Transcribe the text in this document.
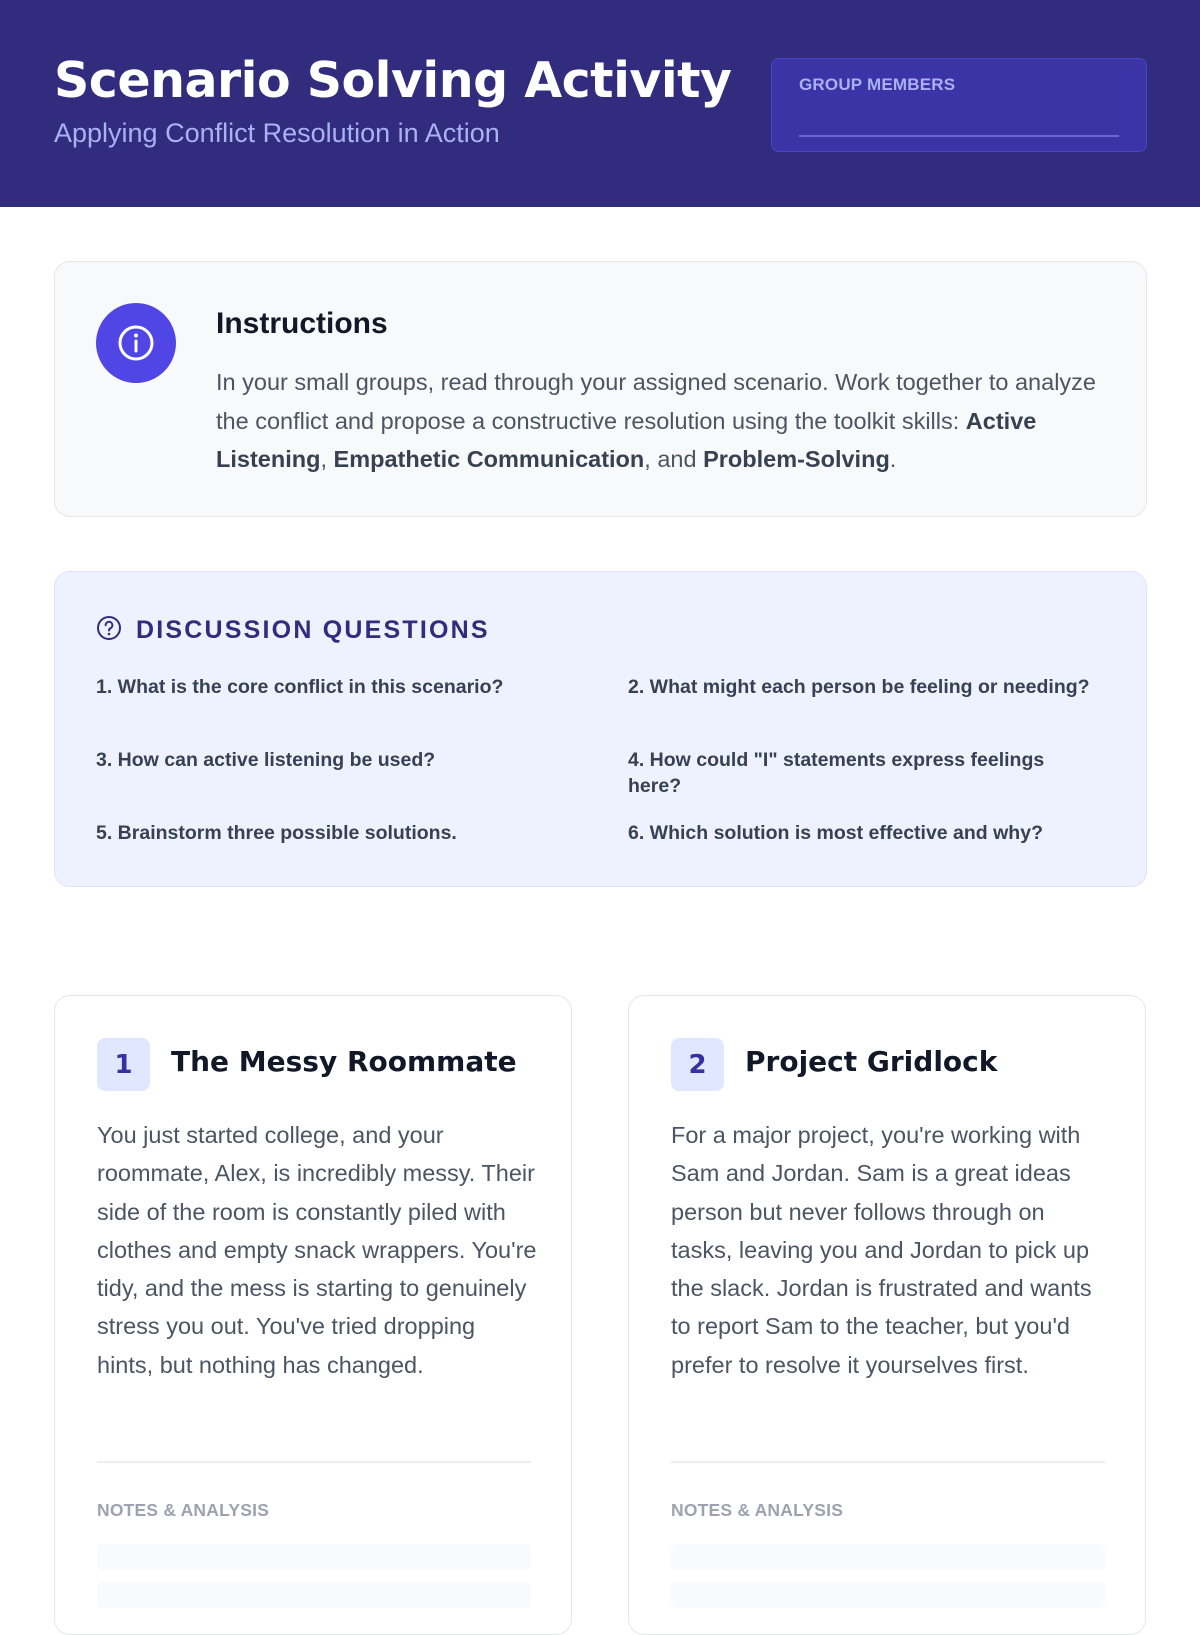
Scenario Solving Activity
Applying Conflict Resolution in Action
GROUP MEMBERS
Instructions

In your small groups, read through your assigned scenario. Work together to analyze the conflict and propose a constructive resolution using the toolkit skills: Active Listening, Empathetic Communication, and Problem-Solving.

DISCUSSION QUESTIONS
1. What is the core conflict in this scenario?	2. What might each person be feeling or needing?
3. How can active listening be used?	4. How could "I" statements express feelings here?
5. Brainstorm three possible solutions.	6. Which solution is most effective and why?
1	The Messy Roommate

You just started college, and your roommate, Alex, is incredibly messy. Their side of the room is constantly piled with clothes and empty snack wrappers. You're tidy, and the mess is starting to genuinely stress you out. You've tried dropping hints, but nothing has changed.

NOTES & ANALYSIS
2	Project Gridlock

For a major project, you're working with Sam and Jordan. Sam is a great ideas person but never follows through on tasks, leaving you and Jordan to pick up the slack. Jordan is frustrated and wants to report Sam to the teacher, but you'd prefer to resolve it yourselves first.

NOTES & ANALYSIS
